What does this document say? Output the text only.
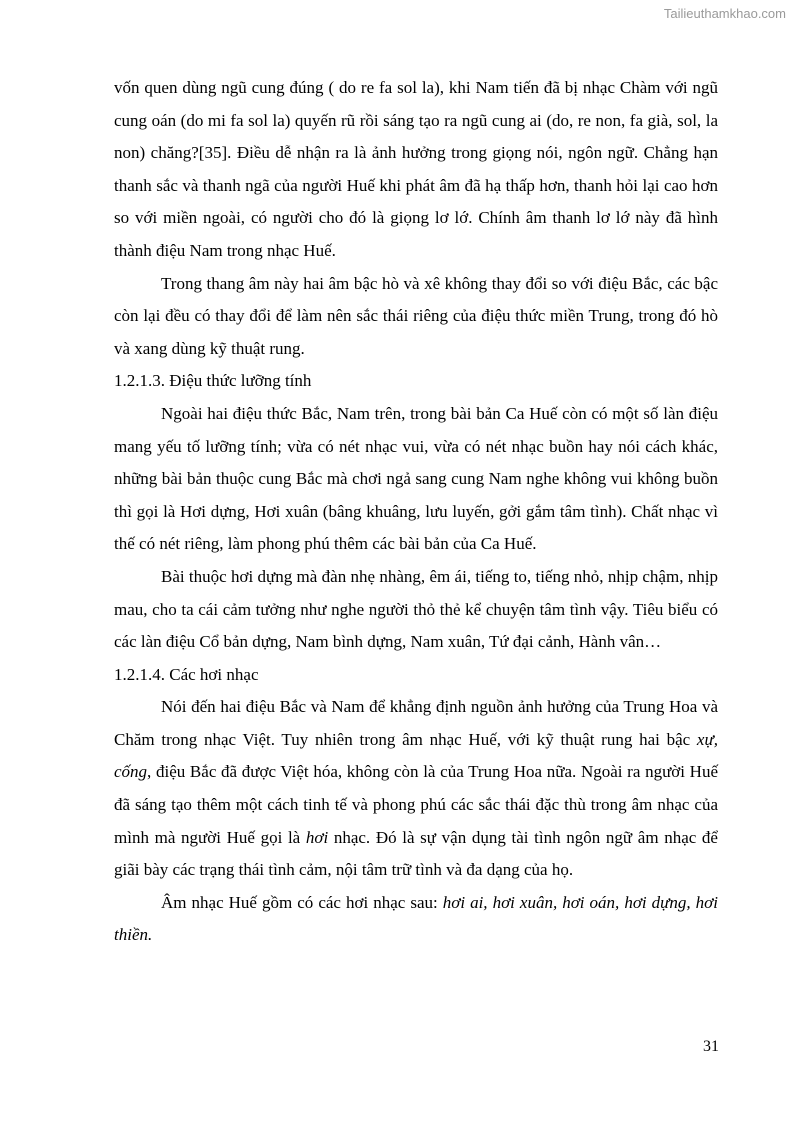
Tailieuthamkhao.com

vốn quen dùng ngũ cung đúng ( do re fa sol la), khi Nam tiến đã bị nhạc Chàm với ngũ cung oán (do mi fa sol la) quyến rũ rồi sáng tạo ra ngũ cung ai (do, re non, fa già, sol, la non) chăng?[35]. Điều dễ nhận ra là ảnh hưởng trong giọng nói, ngôn ngữ. Chẳng hạn thanh sắc và thanh ngã của người Huế khi phát âm đã hạ thấp hơn, thanh hỏi lại cao hơn so với miền ngoài, có người cho đó là giọng lơ lớ. Chính âm thanh lơ lớ này đã hình thành điệu Nam trong nhạc Huế.

Trong thang âm này hai âm bậc hò và xê không thay đổi so với điệu Bắc, các bậc còn lại đều có thay đổi để làm nên sắc thái riêng của điệu thức miền Trung, trong đó hò và xang dùng kỹ thuật rung.

1.2.1.3. Điệu thức lưỡng tính

Ngoài hai điệu thức Bắc, Nam trên, trong bài bản Ca Huế còn có một số làn điệu mang yếu tố lưỡng tính; vừa có nét nhạc vui, vừa có nét nhạc buồn hay nói cách khác, những bài bản thuộc cung Bắc mà chơi ngả sang cung Nam nghe không vui không buồn thì gọi là Hơi dựng, Hơi xuân (bâng khuâng, lưu luyến, gởi gắm tâm tình). Chất nhạc vì thế có nét riêng, làm phong phú thêm các bài bản của Ca Huế.

Bài thuộc hơi dựng mà đàn nhẹ nhàng, êm ái, tiếng to, tiếng nhỏ, nhịp chậm, nhịp mau, cho ta cái cảm tưởng như nghe người thỏ thẻ kể chuyện tâm tình vậy. Tiêu biểu có các làn điệu Cổ bản dựng, Nam bình dựng, Nam xuân, Tứ đại cảnh, Hành vân…

1.2.1.4. Các hơi nhạc

Nói đến hai điệu Bắc và Nam để khẳng định nguồn ảnh hưởng của Trung Hoa và Chăm trong nhạc Việt. Tuy nhiên trong âm nhạc Huế, với kỹ thuật rung hai bậc xự, cống, điệu Bắc đã được Việt hóa, không còn là của Trung Hoa nữa. Ngoài ra người Huế đã sáng tạo thêm một cách tinh tế và phong phú các sắc thái đặc thù trong âm nhạc của mình mà người Huế gọi là hơi nhạc. Đó là sự vận dụng tài tình ngôn ngữ âm nhạc để giãi bày các trạng thái tình cảm, nội tâm trữ tình và đa dạng của họ.

Âm nhạc Huế gồm có các hơi nhạc sau: hơi ai, hơi xuân, hơi oán, hơi dựng, hơi thiền.

31
